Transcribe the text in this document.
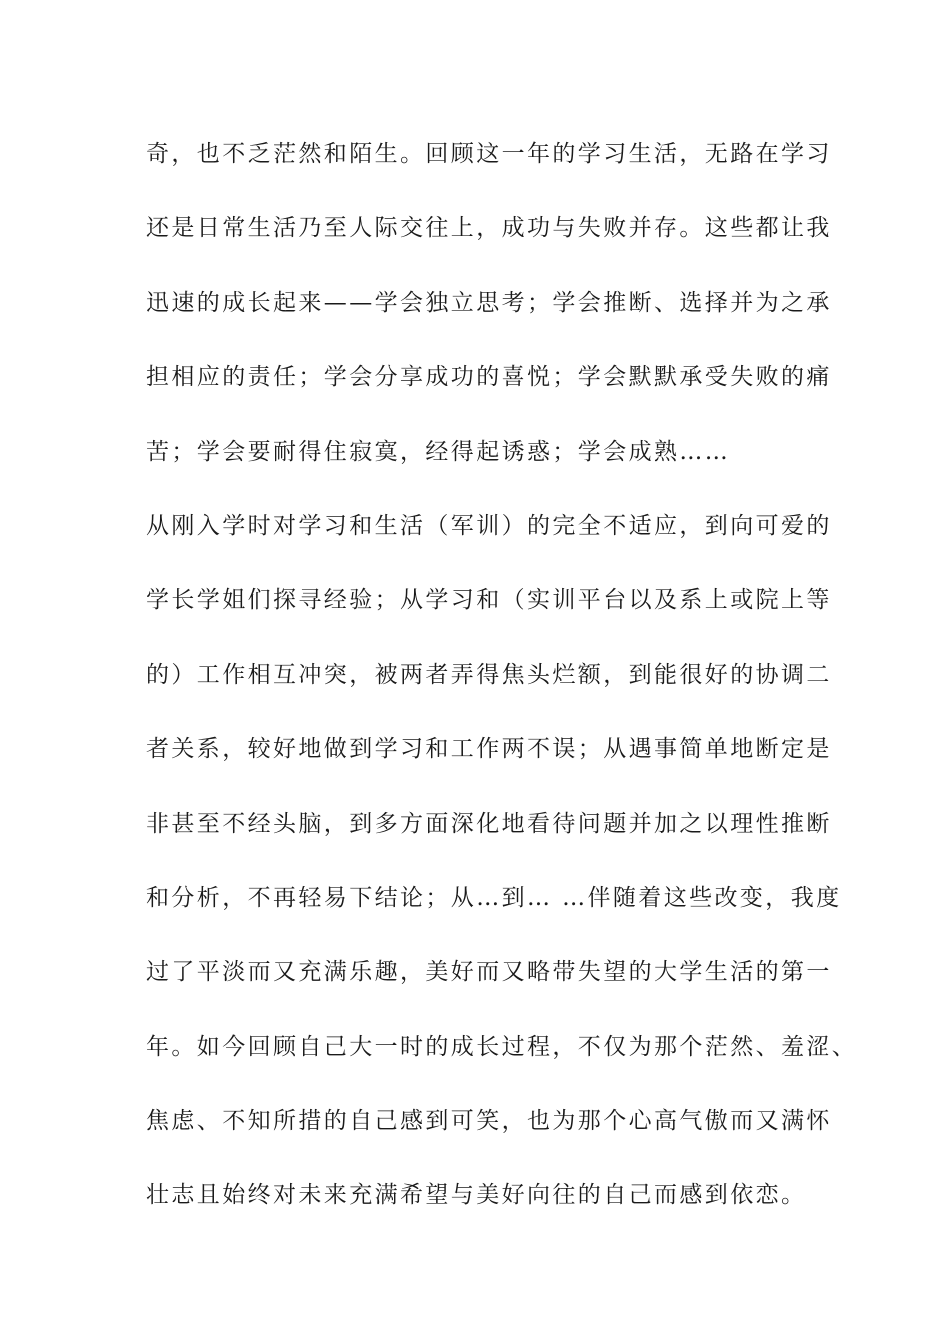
奇，也不乏茫然和陌生。回顾这一年的学习生活，无路在学习
还是日常生活乃至人际交往上，成功与失败并存。这些都让我
迅速的成长起来——学会独立思考；学会推断、选择并为之承
担相应的责任；学会分享成功的喜悦；学会默默承受失败的痛
苦；学会要耐得住寂寞，经得起诱惑；学会成熟……
从刚入学时对学习和生活（军训）的完全不适应，到向可爱的
学长学姐们探寻经验；从学习和（实训平台以及系上或院上等
的）工作相互冲突，被两者弄得焦头烂额，到能很好的协调二
者关系，较好地做到学习和工作两不误；从遇事简单地断定是
非甚至不经头脑，到多方面深化地看待问题并加之以理性推断
和分析，不再轻易下结论；从…到… …伴随着这些改变，我度
过了平淡而又充满乐趣，美好而又略带失望的大学生活的第一
年。如今回顾自己大一时的成长过程，不仅为那个茫然、羞涩、
焦虑、不知所措的自己感到可笑，也为那个心高气傲而又满怀
壮志且始终对未来充满希望与美好向往的自己而感到依恋。
